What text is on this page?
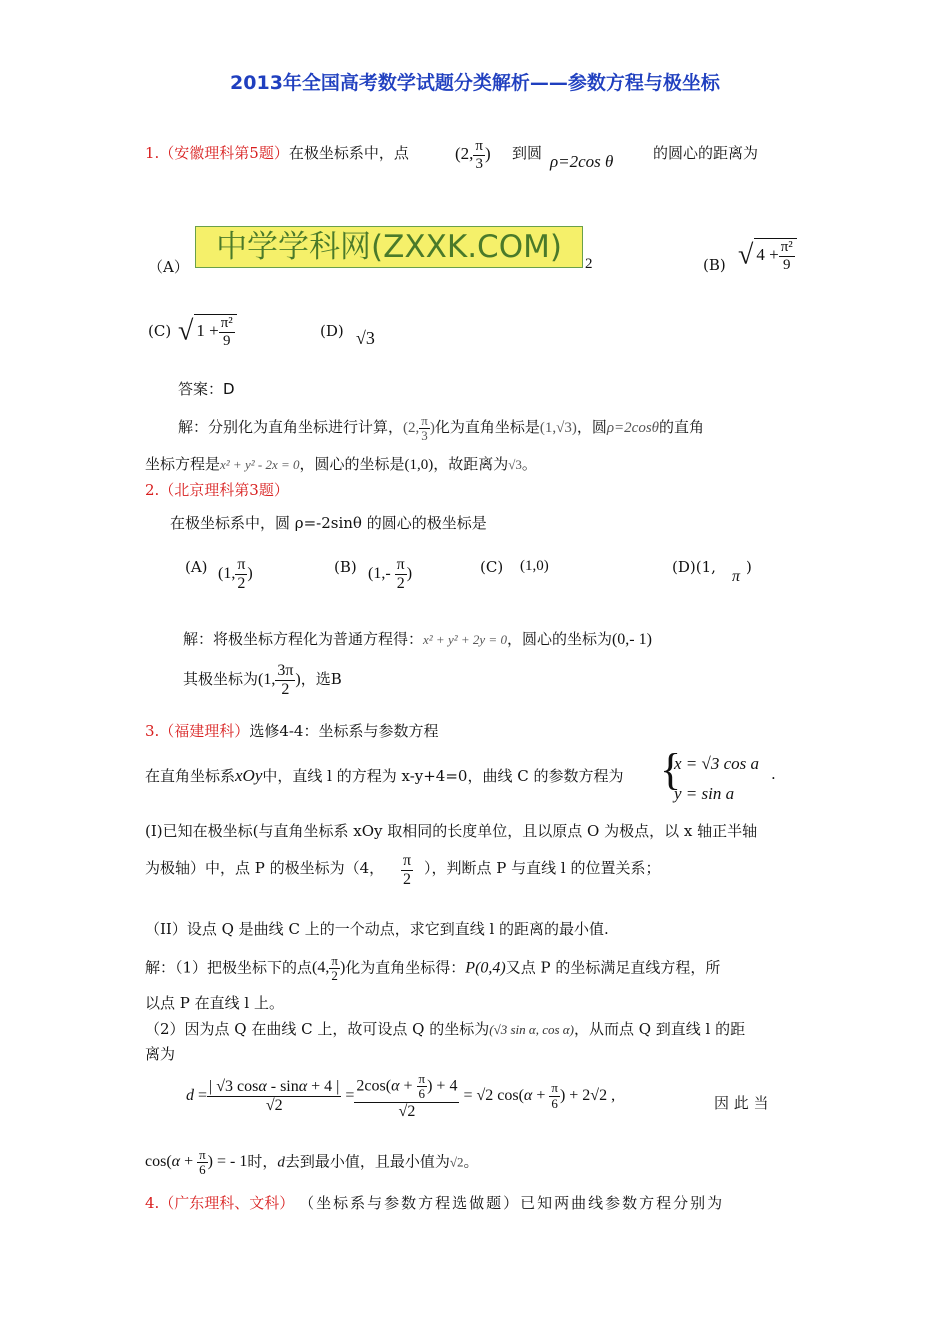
2013年全国高考数学试题分类解析——参数方程与极坐标
1.（安徽理科第5题）在极坐标系中，点	(2, $\frac{\pi}{3}$ ) 到圆 ρ=2cos θ	的圆心的距离为
（A）
中学学科网(ZXXK.COM)	2	(B) √ $4 + \frac{\text{π²}}{9}$
(C) √ $1 + \frac{\text{π²}}{9}$	(D) √3
答案：D
解：分别化为直角坐标进行计算，(2, $\frac{\pi}{3}$ )化为直角坐标是(1,√3)，圆ρ=2cosθ的直角
坐标方程是x² + y² - 2x = 0，圆心的坐标是(1,0)，故距离为√3。
2.（北京理科第3题）
在极坐标系中，圆 ρ=-2sinθ 的圆心的极坐标是
(A) (1, $\frac{\pi}{2}$ )	(B) ($1,- \frac{\pi}{2}$ )	(C) (1,0)	(D)(1,
π
)
解：将极坐标方程化为普通方程得：x² + y² + 2y = 0，圆心的坐标为(0,- 1)
其极坐标为(1, $\frac{3\pi}{2}$ )，选B
3.（福建理科）选修4-4：坐标系与参数方程
在直角坐标系xOy中，直线 l 的方程为 x-y+4=0，曲线 C 的参数方程为 {
x = √3 cos a
y = sin a
.
(I)已知在极坐标(与直角坐标系 xOy 取相同的长度单位，且以原点 O 为极点，以 x 轴正半轴
为极轴）中，点 P 的极坐标为（4， $\frac{\pi}{2}$ ），判断点 P 与直线 l 的位置关系；
（II）设点 Q 是曲线 C 上的一个动点，求它到直线 l 的距离的最小值.
解：（1）把极坐标下的点(4, $\frac{\pi}{2}$ )化为直角坐标得：P(0,4)又点 P 的坐标满足直线方程，所
以点 P 在直线 l 上。
（2）因为点 Q 在曲线 C 上，故可设点 Q 的坐标为(√3 sin α, cos α)，从而点 Q 到直线 l 的距
离为
$d = \frac{| √3 \cos\alpha - \sin\alpha + 4 |}{√2} = \frac{2\cos(\alpha + \frac{\pi}{6} ) + 4}{√2} = √2$ $\cos(\alpha + \frac{\pi}{6}$ ) + 2√2 ,	因 此 当
$\cos(\alpha + \frac{\pi}{6}$ ) = - 1时，d去到最小值，且最小值为√2。
4.（广东理科、文科） （坐标系与参数方程选做题）已知两曲线参数方程分别为
